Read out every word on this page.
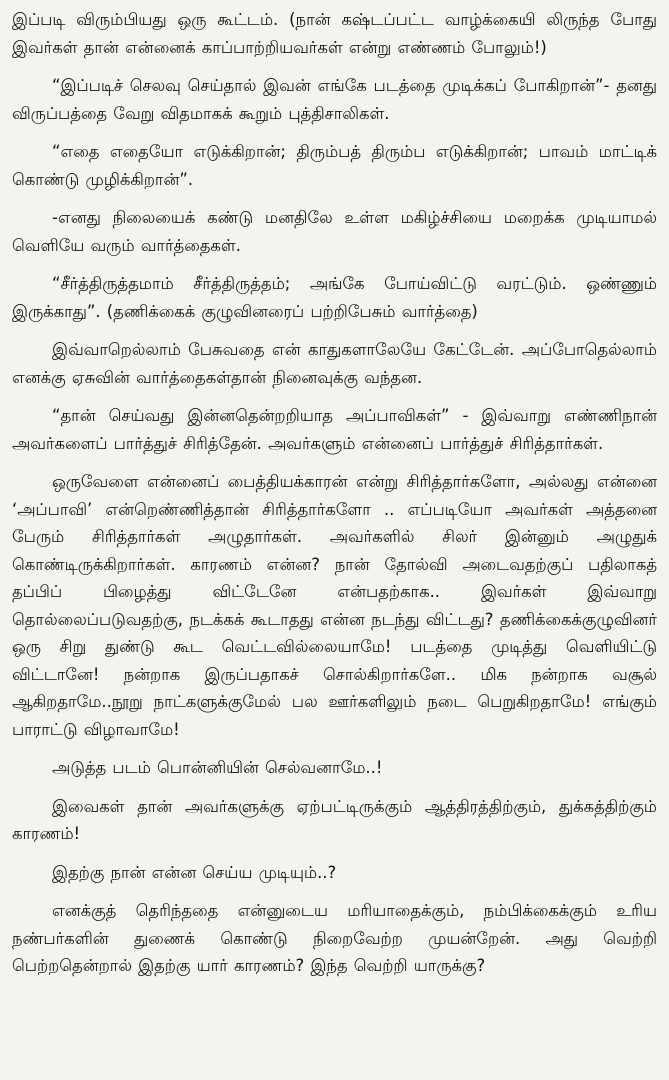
இப்படி விரும்பியது ஒரு கூட்டம். (நான் கஷ்டப்பட்ட வாழ்க்கையி லிருந்த போது இவர்கள் தான் என்னைக் காப்பாற்றியவர்கள் என்று எண்ணம் போலும்!)

“இப்படிச் செலவு செய்தால் இவன் எங்கே படத்தை முடிக்கப் போகிறான்”- தனது விருப்பத்தை வேறு விதமாகக் கூறும் புத்திசாலிகள்.

“எதை எதையோ எடுக்கிறான்; திரும்பத் திரும்ப எடுக்கிறான்; பாவம் மாட்டிக் கொண்டு முழிக்கிறான்”.

-எனது நிலையைக் கண்டு மனதிலே உள்ள மகிழ்ச்சியை மறைக்க முடியாமல் வெளியே வரும் வார்த்தைகள்.

“சீர்த்திருத்தமாம் சீர்த்திருத்தம்; அங்கே போய்விட்டு வரட்டும். ஒண்ணும் இருக்காது”. (தணிக்கைக் குழுவினரைப் பற்றிபேசும் வார்த்தை)

இவ்வாறெல்லாம் பேசுவதை என் காதுகளாலேயே கேட்டேன். அப்போதெல்லாம் எனக்கு ஏசுவின் வார்த்தைகள்தான் நினைவுக்கு வந்தன.

“தான் செய்வது இன்னதென்றறியாத அப்பாவிகள்” - இவ்வாறு எண்ணிநான் அவர்களைப் பார்த்துச் சிரித்தேன். அவர்களும் என்னைப் பார்த்துச் சிரித்தார்கள்.

ஒருவேளை என்னைப் பைத்தியக்காரன் என்று சிரித்தார்களோ, அல்லது என்னை ‘அப்பாவி’ என்றெண்ணித்தான் சிரித்தார்களோ .. எப்படியோ அவர்கள் அத்தனை பேரும் சிரித்தார்கள் அழுதார்கள். அவர்களில் சிலர் இன்னும் அழுதுக் கொண்டிருக்கிறார்கள். காரணம் என்ன? நான் தோல்வி அடைவதற்குப் பதிலாகத் தப்பிப் பிழைத்து விட்டேனே என்பதற்காக.. இவர்கள் இவ்வாறு தொல்லைப்படுவதற்கு, நடக்கக் கூடாதது என்ன நடந்து விட்டது? தணிக்கைக்குழுவினர் ஒரு சிறு துண்டு கூட வெட்டவில்லையாமே! படத்தை முடித்து வெளியிட்டு விட்டானே! நன்றாக இருப்பதாகச் சொல்கிறார்களே.. மிக நன்றாக வசூல் ஆகிறதாமே..நூறு நாட்களுக்குமேல் பல ஊர்களிலும் நடை பெறுகிறதாமே! எங்கும் பாராட்டு விழாவாமே!

அடுத்த படம் பொன்னியின் செல்வனாமே..!

இவைகள் தான் அவர்களுக்கு ஏற்பட்டிருக்கும் ஆத்திரத்திற்கும், துக்கத்திற்கும் காரணம்!

இதற்கு நான் என்ன செய்ய முடியும்..?

எனக்குத் தெரிந்ததை என்னுடைய மரியாதைக்கும், நம்பிக்கைக்கும் உரிய நண்பர்களின் துணைக் கொண்டு நிறைவேற்ற முயன்றேன். அது வெற்றி பெற்றதென்றால் இதற்கு யார் காரணம்? இந்த வெற்றி யாருக்கு?
